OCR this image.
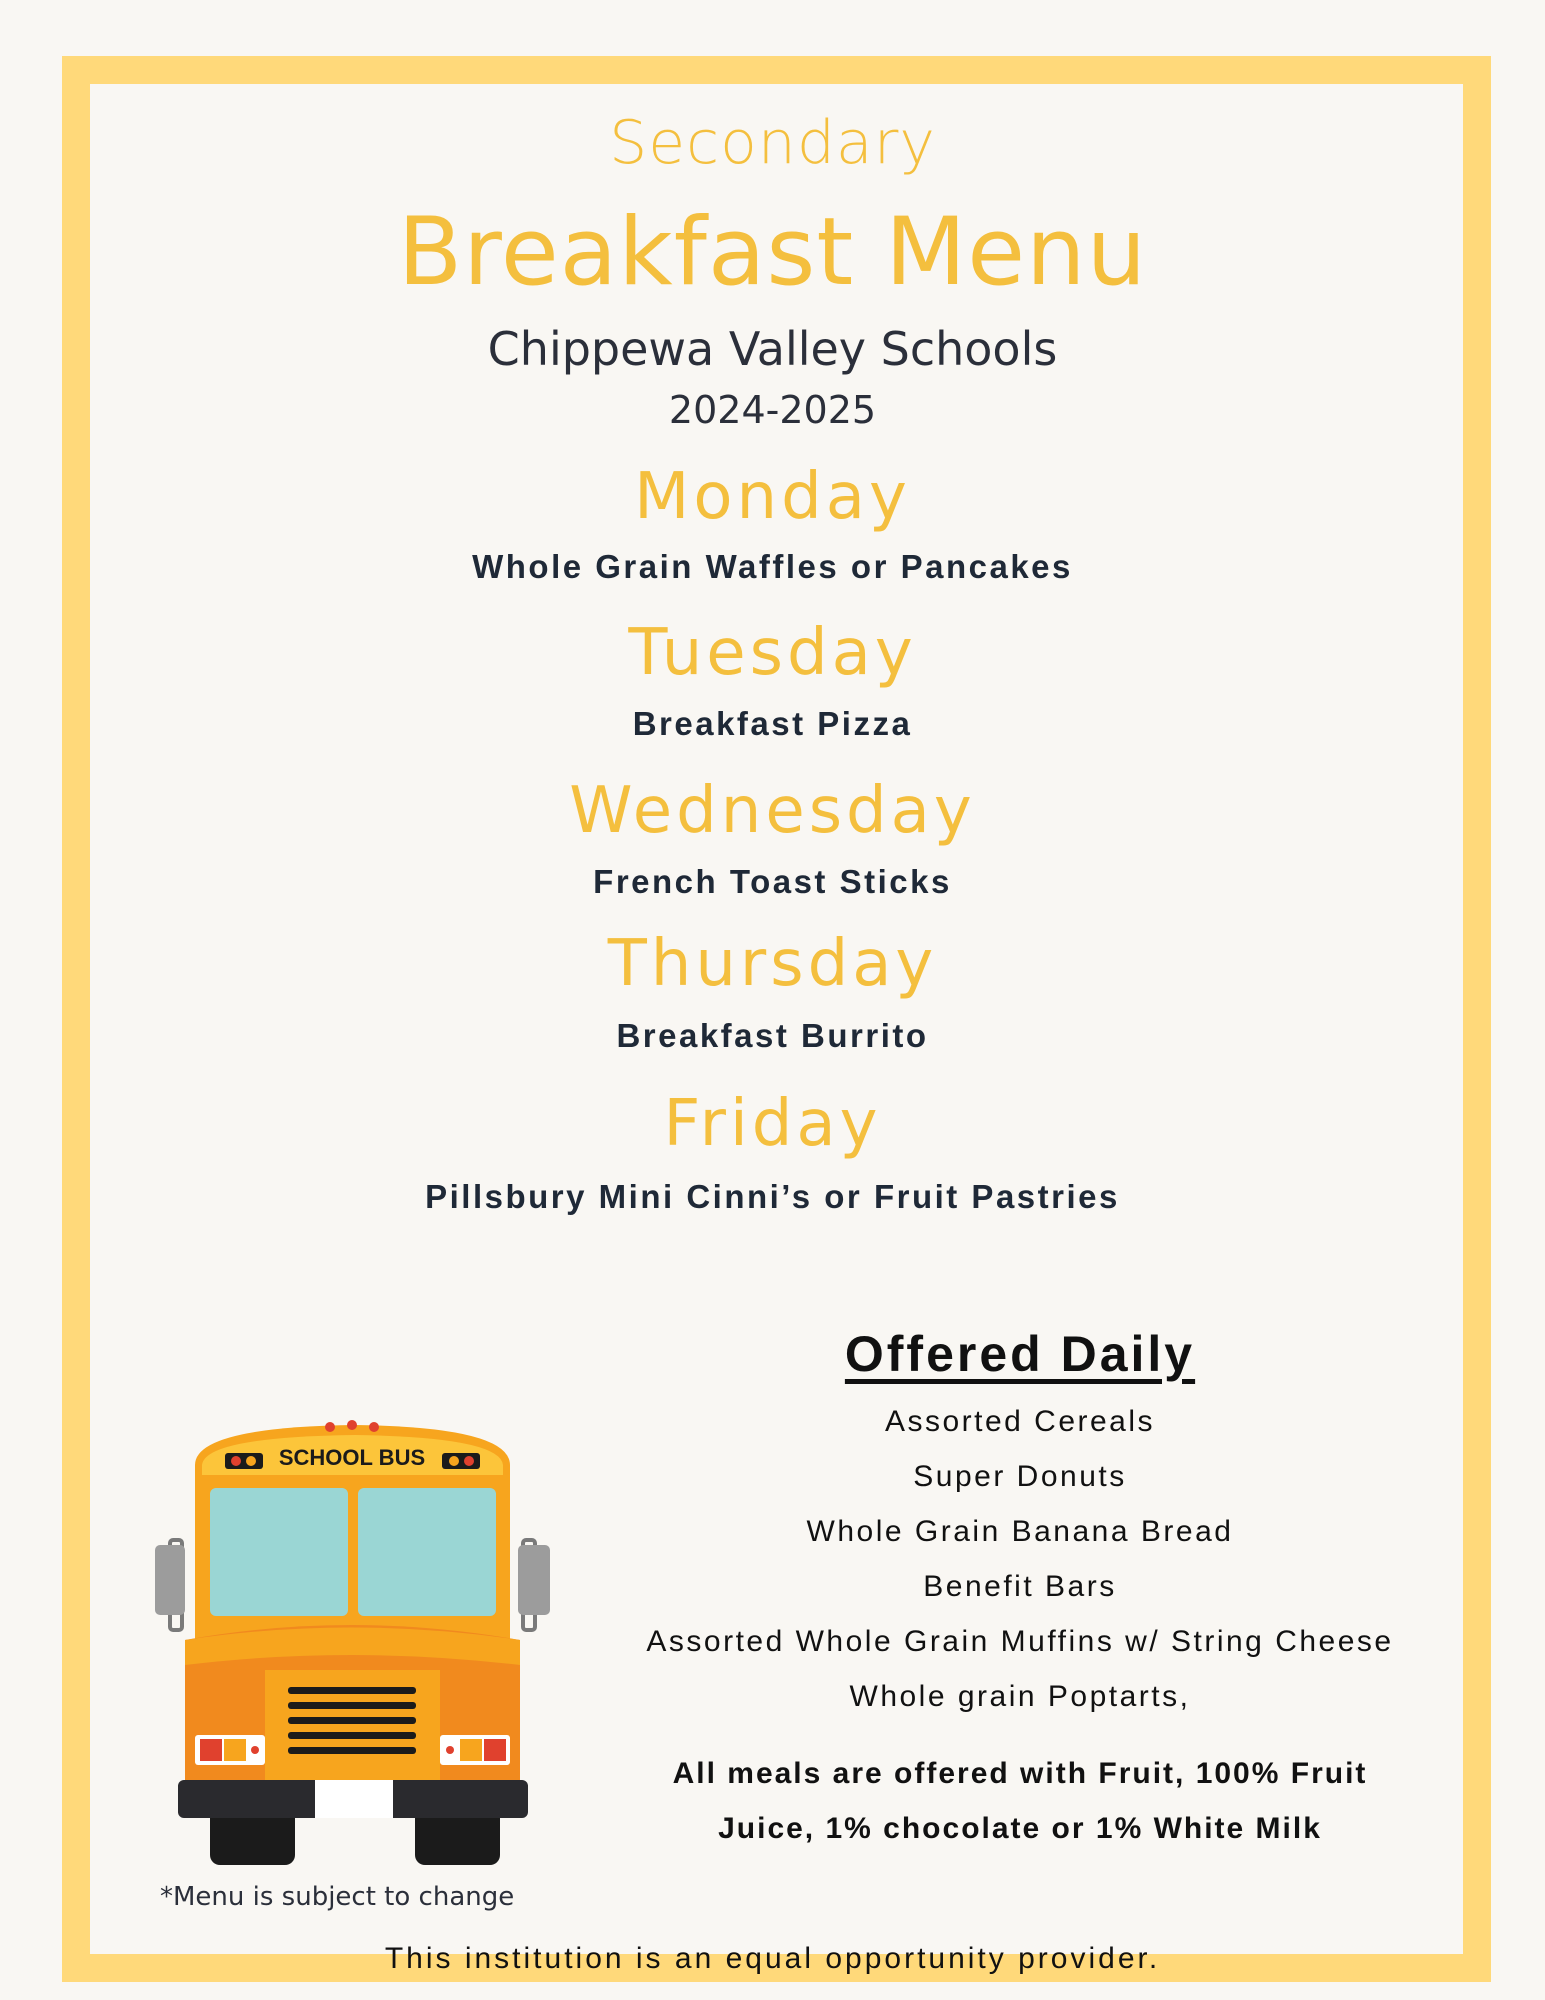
Secondary
Breakfast Menu
Chippewa Valley Schools
2024-2025
Monday
Whole Grain Waffles or Pancakes
Tuesday
Breakfast Pizza
Wednesday
French Toast Sticks
Thursday
Breakfast Burrito
Friday
Pillsbury Mini Cinni’s or Fruit Pastries
Offered Daily
Assorted Cereals
Super Donuts
Whole Grain Banana Bread
Benefit Bars
Assorted Whole Grain Muffins w/ String Cheese
Whole grain Poptarts,
All meals are offered with Fruit, 100% Fruit
Juice, 1% chocolate or 1% White Milk
SCHOOL BUS
*Menu is subject to change
This institution is an equal opportunity provider.
